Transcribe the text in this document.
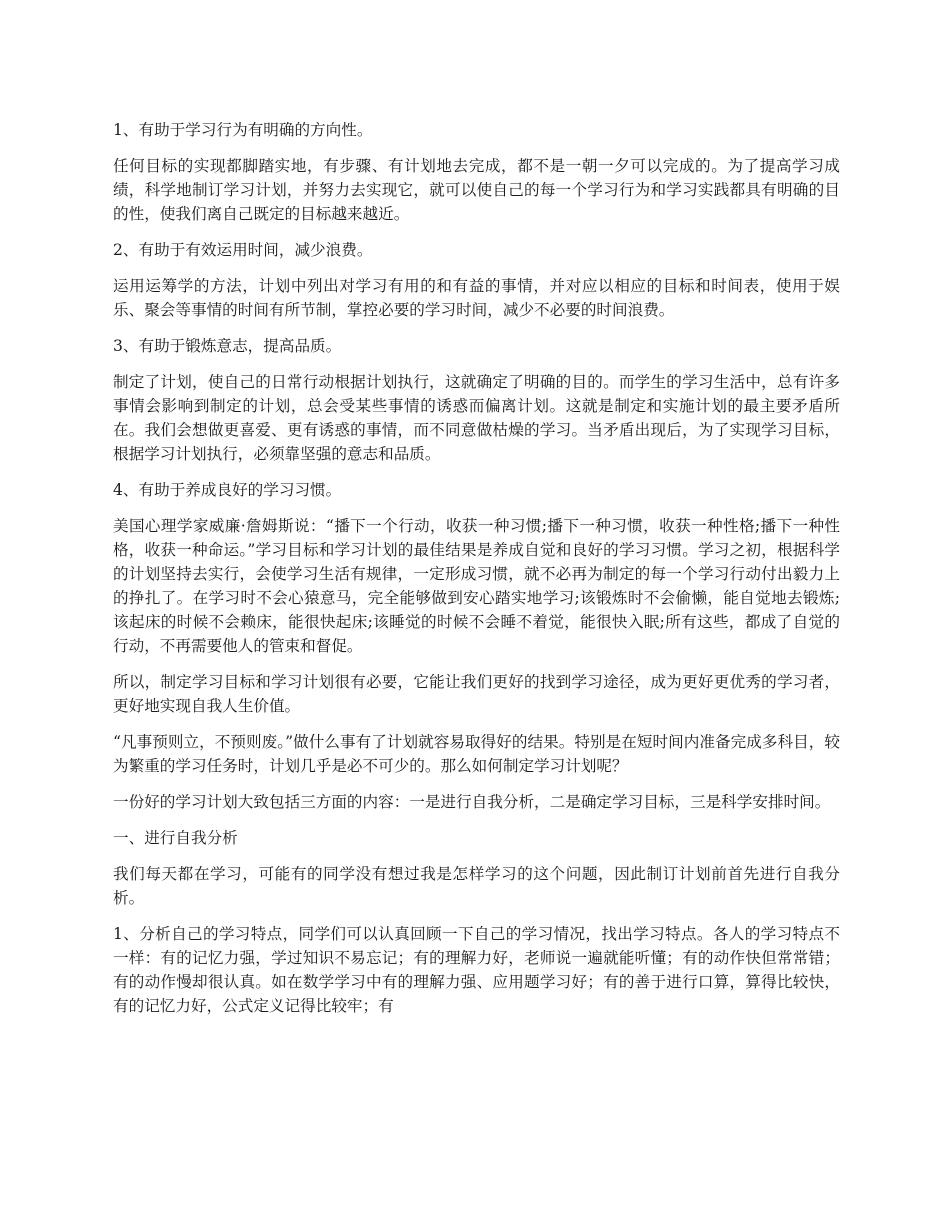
1、有助于学习行为有明确的方向性。

任何目标的实现都脚踏实地，有步骤、有计划地去完成，都不是一朝一夕可以完成的。为了提高学习成绩，科学地制订学习计划，并努力去实现它，就可以使自己的每一个学习行为和学习实践都具有明确的目的性，使我们离自己既定的目标越来越近。

2、有助于有效运用时间，减少浪费。

运用运筹学的方法，计划中列出对学习有用的和有益的事情，并对应以相应的目标和时间表，使用于娱乐、聚会等事情的时间有所节制，掌控必要的学习时间，减少不必要的时间浪费。

3、有助于锻炼意志，提高品质。

制定了计划，使自己的日常行动根据计划执行，这就确定了明确的目的。而学生的学习生活中，总有许多事情会影响到制定的计划，总会受某些事情的诱惑而偏离计划。这就是制定和实施计划的最主要矛盾所在。我们会想做更喜爱、更有诱惑的事情，而不同意做枯燥的学习。当矛盾出现后，为了实现学习目标，根据学习计划执行，必须靠坚强的意志和品质。

4、有助于养成良好的学习习惯。

美国心理学家威廉·詹姆斯说：“播下一个行动，收获一种习惯;播下一种习惯，收获一种性格;播下一种性格，收获一种命运。”学习目标和学习计划的最佳结果是养成自觉和良好的学习习惯。学习之初，根据科学的计划坚持去实行，会使学习生活有规律，一定形成习惯，就不必再为制定的每一个学习行动付出毅力上的挣扎了。在学习时不会心猿意马，完全能够做到安心踏实地学习;该锻炼时不会偷懒，能自觉地去锻炼;该起床的时候不会赖床，能很快起床;该睡觉的时候不会睡不着觉，能很快入眠;所有这些，都成了自觉的行动，不再需要他人的管束和督促。

所以，制定学习目标和学习计划很有必要，它能让我们更好的找到学习途径，成为更好更优秀的学习者，更好地实现自我人生价值。

“凡事预则立，不预则废。”做什么事有了计划就容易取得好的结果。特别是在短时间内准备完成多科目，较为繁重的学习任务时，计划几乎是必不可少的。那么如何制定学习计划呢？

一份好的学习计划大致包括三方面的内容：一是进行自我分析，二是确定学习目标，三是科学安排时间。

一、进行自我分析

我们每天都在学习，可能有的同学没有想过我是怎样学习的这个问题，因此制订计划前首先进行自我分析。

1、分析自己的学习特点，同学们可以认真回顾一下自己的学习情况，找出学习特点。各人的学习特点不一样：有的记忆力强，学过知识不易忘记；有的理解力好，老师说一遍就能听懂；有的动作快但常常错；有的动作慢却很认真。如在数学学习中有的理解力强、应用题学习好；有的善于进行口算，算得比较快，有的记忆力好，公式定义记得比较牢；有
